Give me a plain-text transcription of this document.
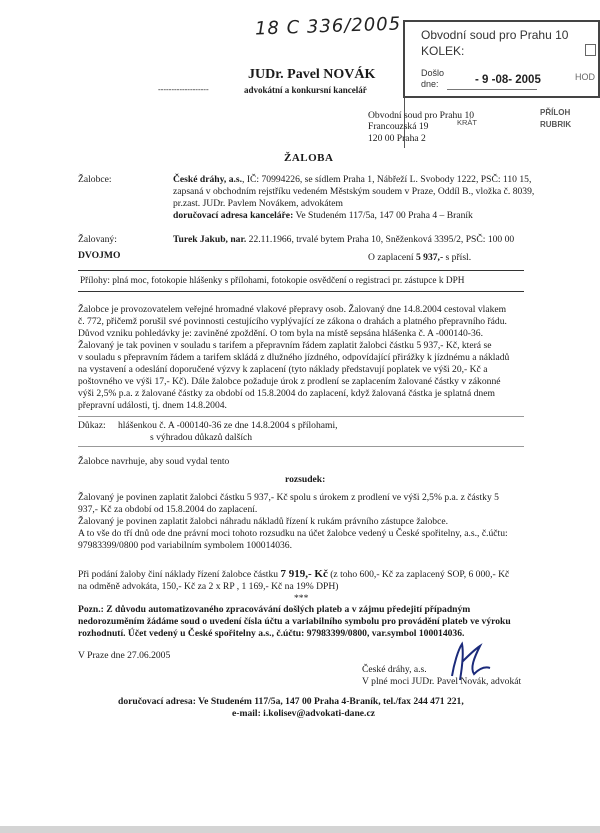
18 C 336/2005 Obvodní soud pro Prahu 10
KOLEK:
Došlo
dne:	- 9 -08- 2005	HOD
KRÁT
PŘÍLOH
RUBRIK
JUDr. Pavel NOVÁK
-------------------	advokátní a konkursní kancelář
Obvodní soud pro Prahu 10
Francouzská 19
120 00 Praha 2
ŽALOBA
Žalobce:	České dráhy, a.s., IČ: 70994226, se sídlem Praha 1, Nábřeží L. Svobody 1222, PSČ: 110 15,
zapsaná v obchodním rejstříku vedeném Městským soudem v Praze, Oddíl B., vložka č. 8039,
pr.zast. JUDr. Pavlem Novákem, advokátem
doručovací adresa kanceláře: Ve Studeném 117/5a, 147 00 Praha 4 – Braník
Žalovaný:	Turek Jakub, nar. 22.11.1966, trvalé bytem Praha 10, Sněženková 3395/2, PSČ: 100 00
DVOJMO	O zaplacení 5 937,- s přísl.
Přílohy: plná moc, fotokopie hlášenky s přílohami, fotokopie osvědčení o registraci pr. zástupce k DPH
Žalobce je provozovatelem veřejné hromadné vlakové přepravy osob. Žalovaný dne 14.8.2004 cestoval vlakem
č. 772, přičemž porušil své povinnosti cestujícího vyplývající ze zákona o drahách a platného přepravního řádu.
Důvod vzniku pohledávky je: zaviněné zpoždění. O tom byla na místě sepsána hlášenka č. A -000140-36.
Žalovaný je tak povinen v souladu s tarifem a přepravním řádem zaplatit žalobci částku 5 937,- Kč, která se
v souladu s přepravním řádem a tarifem skládá z dlužného jízdného, odpovídající přirážky k jízdnému a nákladů
na vystavení a odeslání doporučené výzvy k zaplacení (tyto náklady představují poplatek ve výši 20,- Kč a
poštovného ve výši 17,- Kč). Dále žalobce požaduje úrok z prodlení se zaplacením žalované částky v zákonné
výši 2,5% p.a. z žalované částky za období od 15.8.2004 do zaplacení, když žalovaná částka je splatná dnem
přepravní události, tj. dnem 14.8.2004.
Důkaz: hlášenkou č. A -000140-36 ze dne 14.8.2004 s přílohami,
s výhradou důkazů dalších
Žalobce navrhuje, aby soud vydal tento
rozsudek:
Žalovaný je povinen zaplatit žalobci částku 5 937,- Kč spolu s úrokem z prodlení ve výši 2,5% p.a. z částky 5
937,- Kč za období od 15.8.2004 do zaplacení.
Žalovaný je povinen zaplatit žalobci náhradu nákladů řízení k rukám právního zástupce žalobce.
A to vše do tří dnů ode dne právní moci tohoto rozsudku na účet žalobce vedený u České spořitelny, a.s., č.účtu:
97983399/0800 pod variabilním symbolem 100014036.
Při podání žaloby činí náklady řízení žalobce částku 7 919,- Kč (z toho 600,- Kč za zaplacený SOP, 6 000,- Kč
na odměně advokáta, 150,- Kč za 2 x RP , 1 169,- Kč na 19% DPH)
***
Pozn.: Z důvodu automatizovaného zpracovávání došlých plateb a v zájmu předejití případným
nedorozuměním žádáme soud o uvedení čísla účtu a variabilního symbolu pro provádění plateb ve výroku
rozhodnutí. Účet vedený u České spořitelny a.s., č.účtu: 97983399/0800, var.symbol 100014036.
V Praze dne 27.06.2005
České dráhy, a.s.
V plné moci JUDr. Pavel Novák, advokát
doručovací adresa: Ve Studeném 117/5a, 147 00 Praha 4-Braník, tel./fax 244 471 221,
e-mail: i.kolisev@advokati-dane.cz
